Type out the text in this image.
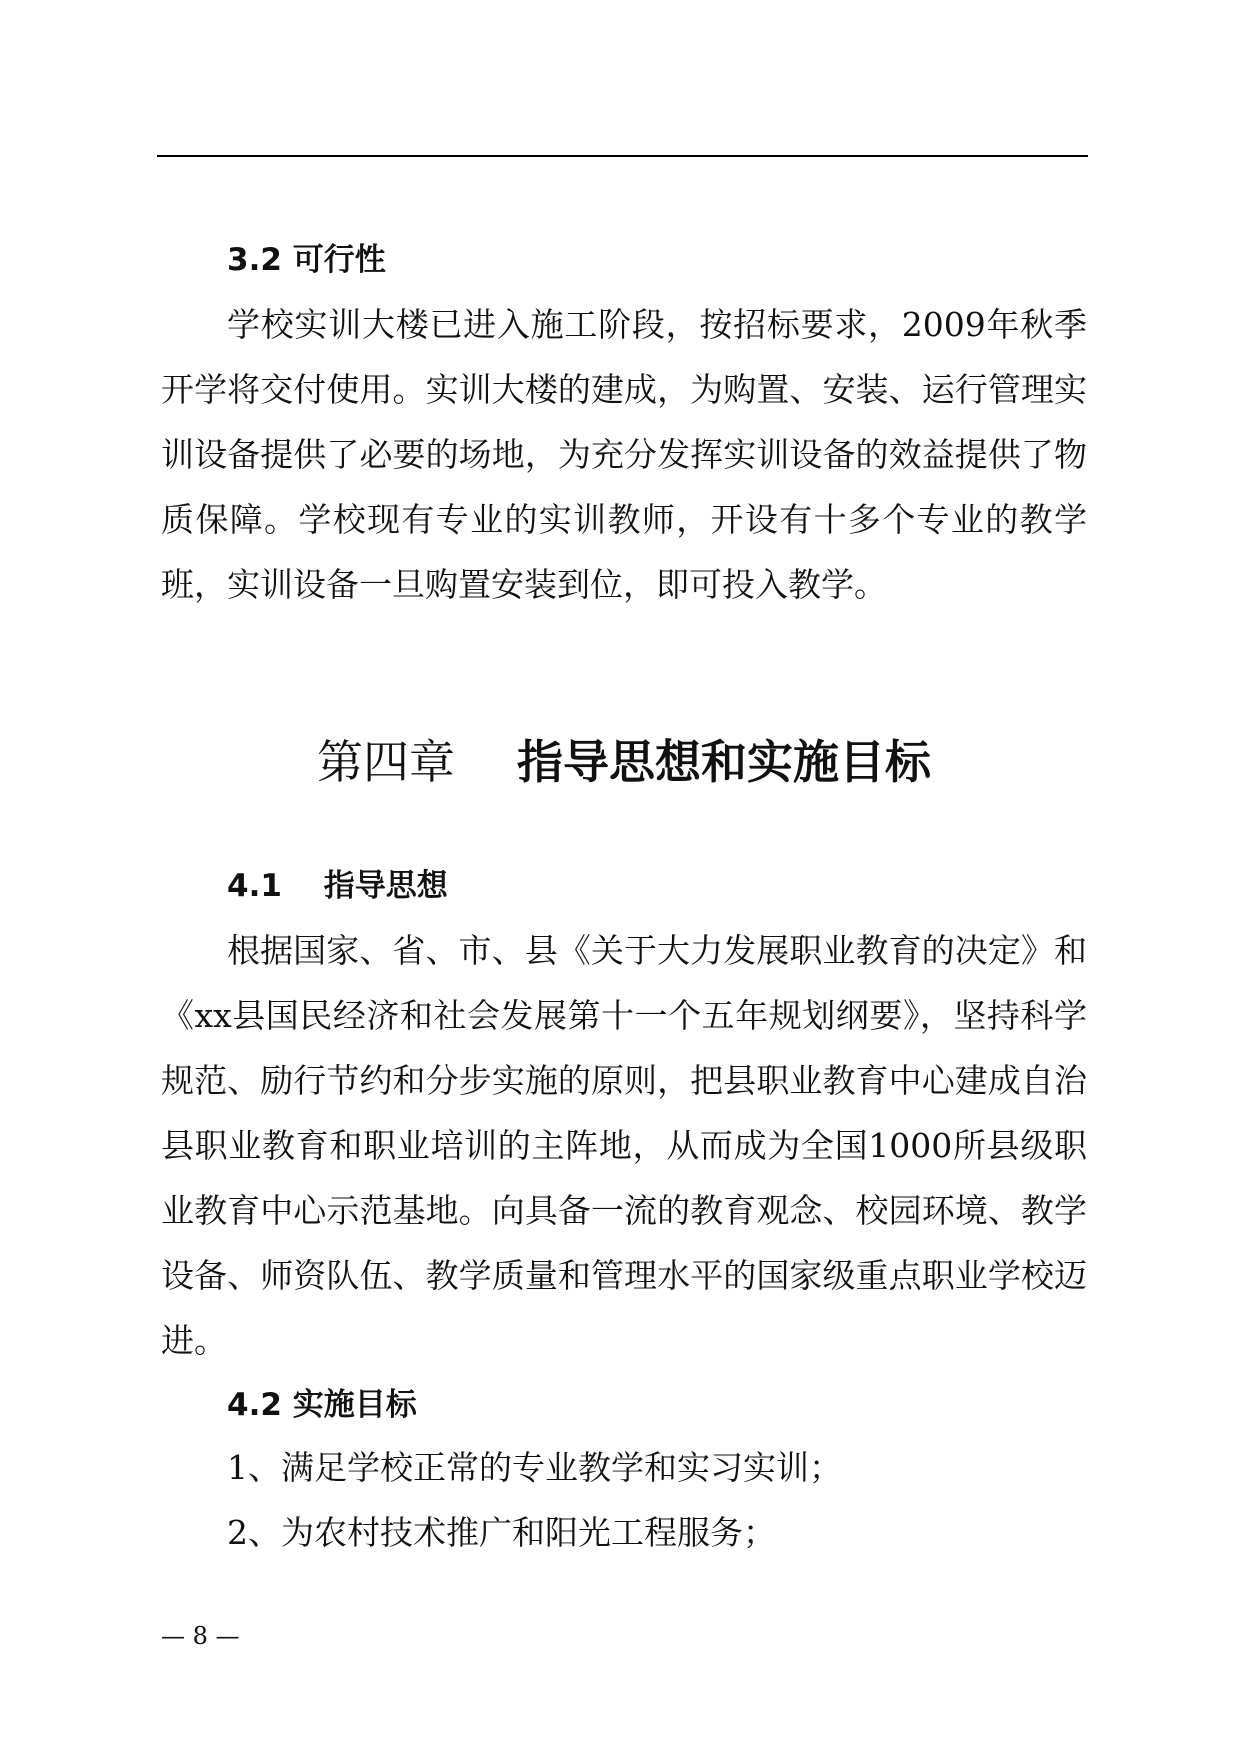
3.2 可行性

学校实训大楼已进入施工阶段，按招标要求，2009年秋季开学将交付使用。实训大楼的建成，为购置、安装、运行管理实训设备提供了必要的场地，为充分发挥实训设备的效益提供了物质保障。学校现有专业的实训教师，开设有十多个专业的教学班，实训设备一旦购置安装到位，即可投入教学。

第四章　 指导思想和实施目标

4.1　 指导思想

根据国家、省、市、县《关于大力发展职业教育的决定》和《xx县国民经济和社会发展第十一个五年规划纲要》，坚持科学规范、励行节约和分步实施的原则，把县职业教育中心建成自治县职业教育和职业培训的主阵地，从而成为全国1000所县级职业教育中心示范基地。向具备一流的教育观念、校园环境、教学设备、师资队伍、教学质量和管理水平的国家级重点职业学校迈进。

4.2 实施目标

1、满足学校正常的专业教学和实习实训；

2、为农村技术推广和阳光工程服务；

— 8 —
